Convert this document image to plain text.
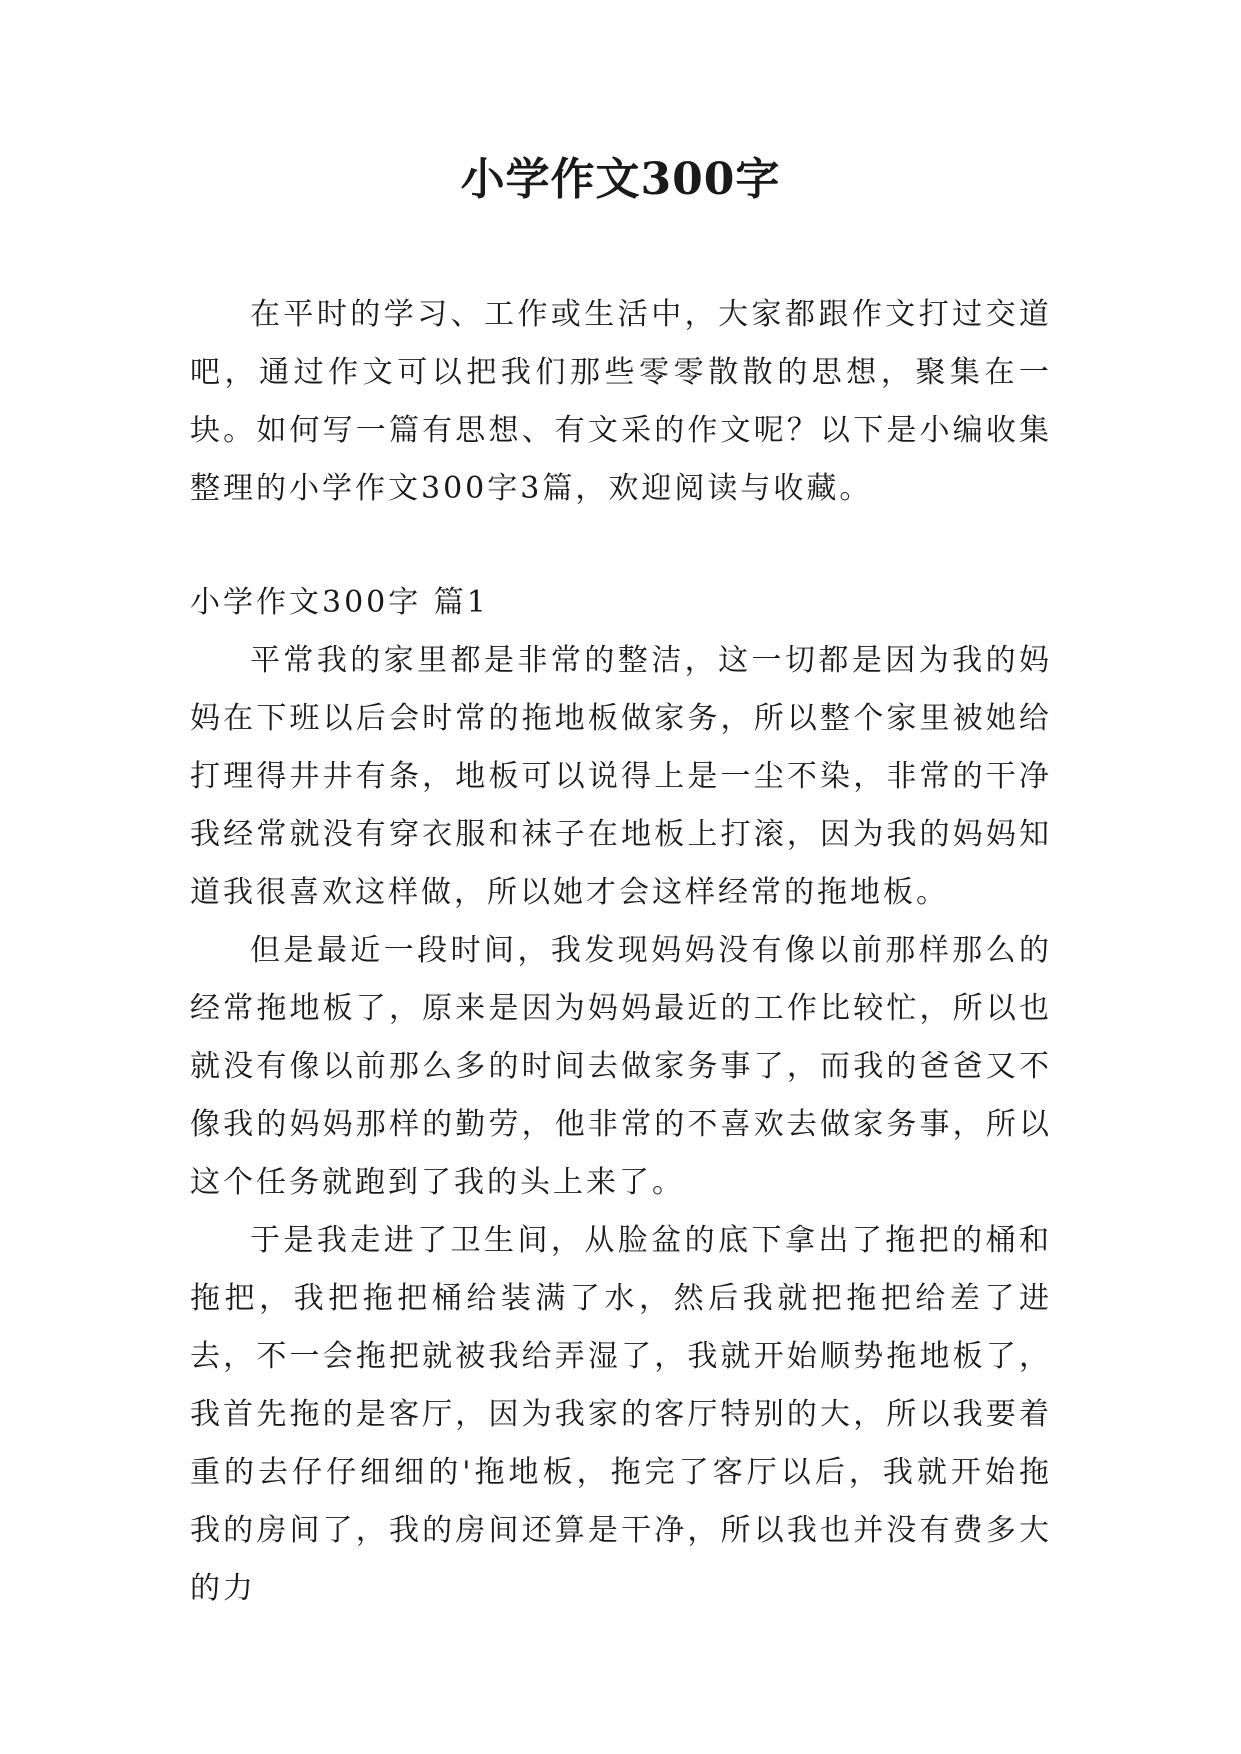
小学作文300字

在平时的学习、工作或生活中，大家都跟作文打过交道吧，通过作文可以把我们那些零零散散的思想，聚集在一块。如何写一篇有思想、有文采的作文呢？以下是小编收集整理的小学作文300字3篇，欢迎阅读与收藏。

小学作文300字 篇1

平常我的家里都是非常的整洁，这一切都是因为我的妈妈在下班以后会时常的拖地板做家务，所以整个家里被她给打理得井井有条，地板可以说得上是一尘不染，非常的干净我经常就没有穿衣服和袜子在地板上打滚，因为我的妈妈知道我很喜欢这样做，所以她才会这样经常的拖地板。

但是最近一段时间，我发现妈妈没有像以前那样那么的经常拖地板了，原来是因为妈妈最近的工作比较忙，所以也就没有像以前那么多的时间去做家务事了，而我的爸爸又不像我的妈妈那样的勤劳，他非常的不喜欢去做家务事，所以这个任务就跑到了我的头上来了。

于是我走进了卫生间，从脸盆的底下拿出了拖把的桶和拖把，我把拖把桶给装满了水，然后我就把拖把给差了进去，不一会拖把就被我给弄湿了，我就开始顺势拖地板了，我首先拖的是客厅，因为我家的客厅特别的大，所以我要着重的去仔仔细细的'拖地板，拖完了客厅以后，我就开始拖我的房间了，我的房间还算是干净，所以我也并没有费多大的力
